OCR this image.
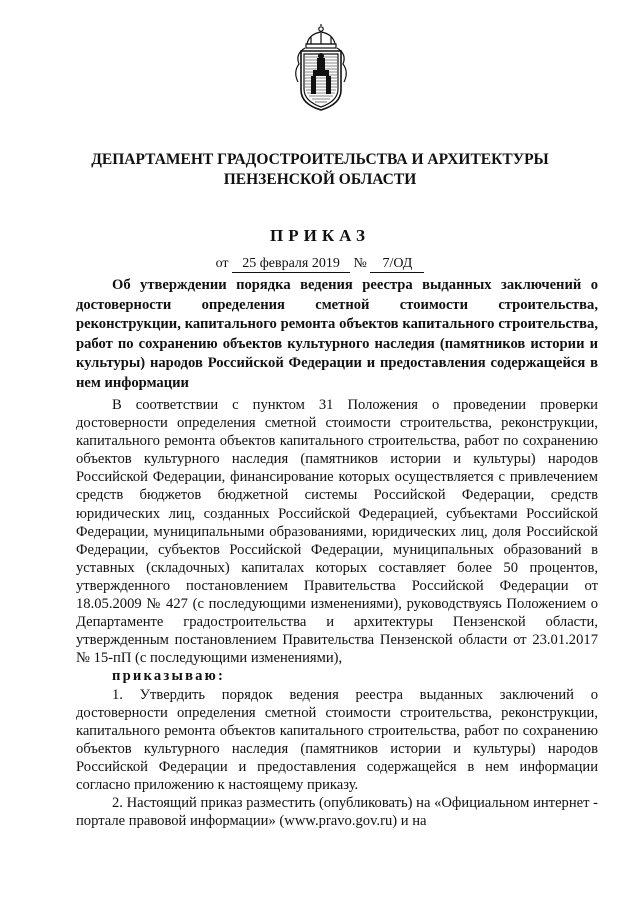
ДЕПАРТАМЕНТ ГРАДОСТРОИТЕЛЬСТВА И АРХИТЕКТУРЫ
ПЕНЗЕНСКОЙ ОБЛАСТИ
ПРИКАЗ
от 25 февраля 2019 № 7/ОД
Об утверждении порядка ведения реестра выданных заключений о достоверности определения сметной стоимости строительства, реконструкции, капитального ремонта объектов капитального строительства, работ по сохранению объектов культурного наследия (памятников истории и культуры) народов Российской Федерации и предоставления содержащейся в нем информации

В соответствии с пунктом 31 Положения о проведении проверки достоверности определения сметной стоимости строительства, реконструкции, капитального ремонта объектов капитального строительства, работ по сохранению объектов культурного наследия (памятников истории и культуры) народов Российской Федерации, финансирование которых осуществляется с привлечением средств бюджетов бюджетной системы Российской Федерации, средств юридических лиц, созданных Российской Федерацией, субъектами Российской Федерации, муниципальными образованиями, юридических лиц, доля Российской Федерации, субъектов Российской Федерации, муниципальных образований в уставных (складочных) капиталах которых составляет более 50 процентов, утвержденного постановлением Правительства Российской Федерации от 18.05.2009 № 427 (с последующими изменениями), руководствуясь Положением о Департаменте градостроительства и архитектуры Пензенской области, утвержденным постановлением Правительства Пензенской области от 23.01.2017 № 15-пП (с последующими изменениями),

приказываю:

1. Утвердить порядок ведения реестра выданных заключений о достоверности определения сметной стоимости строительства, реконструкции, капитального ремонта объектов капитального строительства, работ по сохранению объектов культурного наследия (памятников истории и культуры) народов Российской Федерации и предоставления содержащейся в нем информации согласно приложению к настоящему приказу.

2. Настоящий приказ разместить (опубликовать) на «Официальном интернет - портале правовой информации» (www.pravo.gov.ru) и на
